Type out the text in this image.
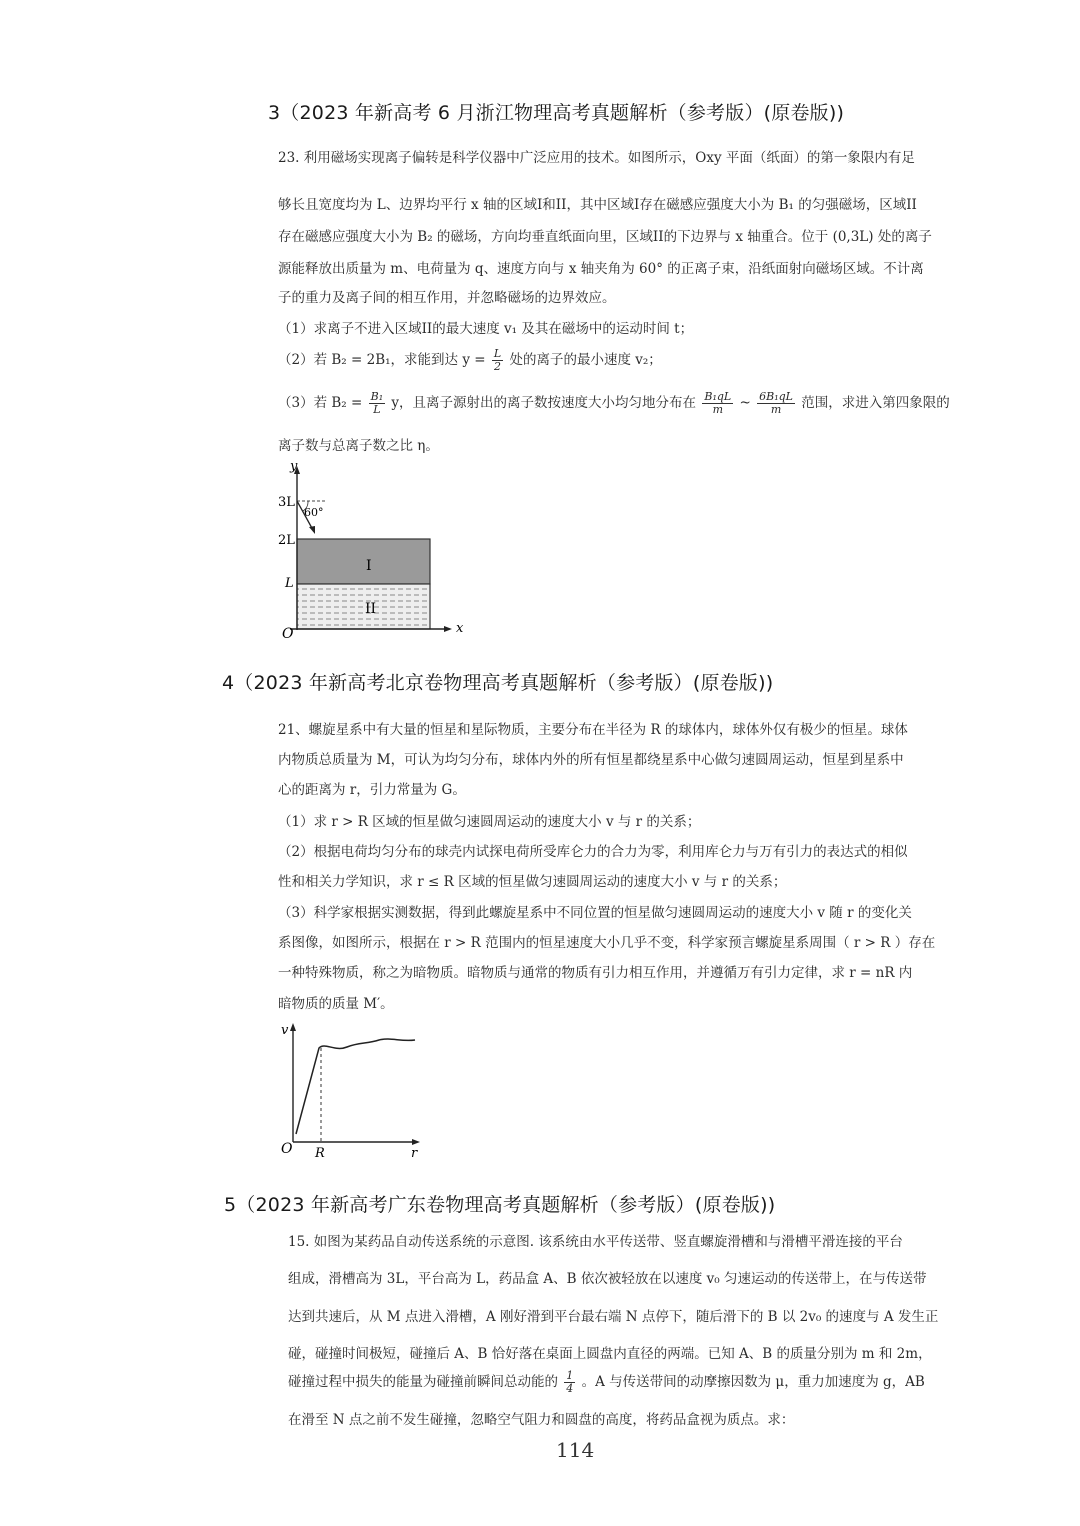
3（2023 年新高考 6 月浙江物理高考真题解析（参考版）(原卷版))
23. 利用磁场实现离子偏转是科学仪器中广泛应用的技术。如图所示，Oxy 平面（纸面）的第一象限内有足
够长且宽度均为 L、边界均平行 x 轴的区域I和II，其中区域I存在磁感应强度大小为 B₁ 的匀强磁场，区域II
存在磁感应强度大小为 B₂ 的磁场，方向均垂直纸面向里，区域II的下边界与 x 轴重合。位于 (0,3L) 处的离子
源能释放出质量为 m、电荷量为 q、速度方向与 x 轴夹角为 60° 的正离子束，沿纸面射向磁场区域。不计离
子的重力及离子间的相互作用，并忽略磁场的边界效应。
（1）求离子不进入区域II的最大速度 v₁ 及其在磁场中的运动时间 t；
（2）若 B₂ = 2B₁，求能到达 $y = \frac{L}{2}$ 处的离子的最小速度 v₂；
（3）若 $B_2 = \frac{\text{B₁}}{L}$ y，且离子源射出的离子数按速度大小均匀地分布在 $\frac{\text{B₁qL}}{m}$ ~ $\frac{\text{6B₁qL}}{m}$ 范围，求进入第四象限的
离子数与总离子数之比 η。
y
x
O
3L
2L
L
60°
I
II
4（2023 年新高考北京卷物理高考真题解析（参考版）(原卷版))
21、螺旋星系中有大量的恒星和星际物质，主要分布在半径为 R 的球体内，球体外仅有极少的恒星。球体
内物质总质量为 M，可认为均匀分布，球体内外的所有恒星都绕星系中心做匀速圆周运动，恒星到星系中
心的距离为 r，引力常量为 G。
（1）求 r > R 区域的恒星做匀速圆周运动的速度大小 v 与 r 的关系；
（2）根据电荷均匀分布的球壳内试探电荷所受库仑力的合力为零，利用库仑力与万有引力的表达式的相似
性和相关力学知识，求 r ≤ R 区域的恒星做匀速圆周运动的速度大小 v 与 r 的关系；
（3）科学家根据实测数据，得到此螺旋星系中不同位置的恒星做匀速圆周运动的速度大小 v 随 r 的变化关
系图像，如图所示，根据在 r > R 范围内的恒星速度大小几乎不变，科学家预言螺旋星系周围（ r > R ）存在
一种特殊物质，称之为暗物质。暗物质与通常的物质有引力相互作用，并遵循万有引力定律，求 r = nR 内
暗物质的质量 M′。
v
r
O R
5（2023 年新高考广东卷物理高考真题解析（参考版）(原卷版))
15. 如图为某药品自动传送系统的示意图. 该系统由水平传送带、竖直螺旋滑槽和与滑槽平滑连接的平台
组成，滑槽高为 3L，平台高为 L，药品盒 A、B 依次被轻放在以速度 v₀ 匀速运动的传送带上，在与传送带
达到共速后，从 M 点进入滑槽，A 刚好滑到平台最右端 N 点停下，随后滑下的 B 以 2v₀ 的速度与 A 发生正
碰，碰撞时间极短，碰撞后 A、B 恰好落在桌面上圆盘内直径的两端。已知 A、B 的质量分别为 m 和 2m，
碰撞过程中损失的能量为碰撞前瞬间总动能的 $\frac{1}{4}$ 。A 与传送带间的动摩擦因数为 μ，重力加速度为 g，AB
在滑至 N 点之前不发生碰撞，忽略空气阻力和圆盘的高度，将药品盒视为质点。求：
114
